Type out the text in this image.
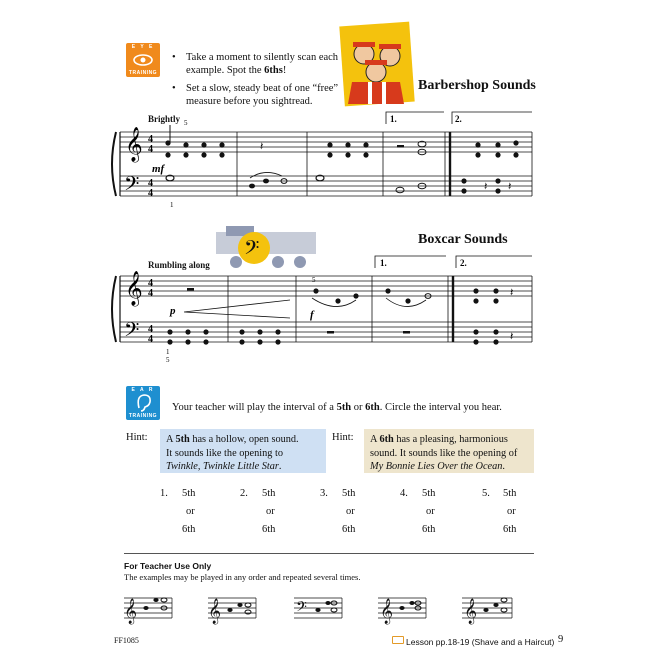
E Y E
TRAINING
• Take a moment to silently scan each example. Spot the 6ths!
• Set a slow, steady beat of one “free” measure before you sightread.
Barbershop Sounds
Brightly
𝄞
𝄢
4
4
4
4
𝄽
𝄽
𝄽
1.	2.
mf
5
1
𝄢	Boxcar Sounds
Rumbling along
𝄞
𝄢
4
4
4
4
𝄽
𝄽
1.	2.
p	f
5
1
5
E A R
TRAINING
Your teacher will play the interval of a 5th or 6th. Circle the interval you hear.
Hint: A 5th has a hollow, open sound.
It sounds like the opening to
Twinkle, Twinkle Little Star.
Hint: A 6th has a pleasing, harmonious
sound. It sounds like the opening of
My Bonnie Lies Over the Ocean.
1. 5th
or
6th
2. 5th
or
6th
3. 5th
or
6th
4. 5th
or
6th
5. 5th
or
6th
For Teacher Use Only
The examples may be played in any order and repeated several times.
𝄞	𝄞	𝄞
𝄞
𝄢
FF1085	Lesson pp.18-19 (Shave and a Haircut) 9
